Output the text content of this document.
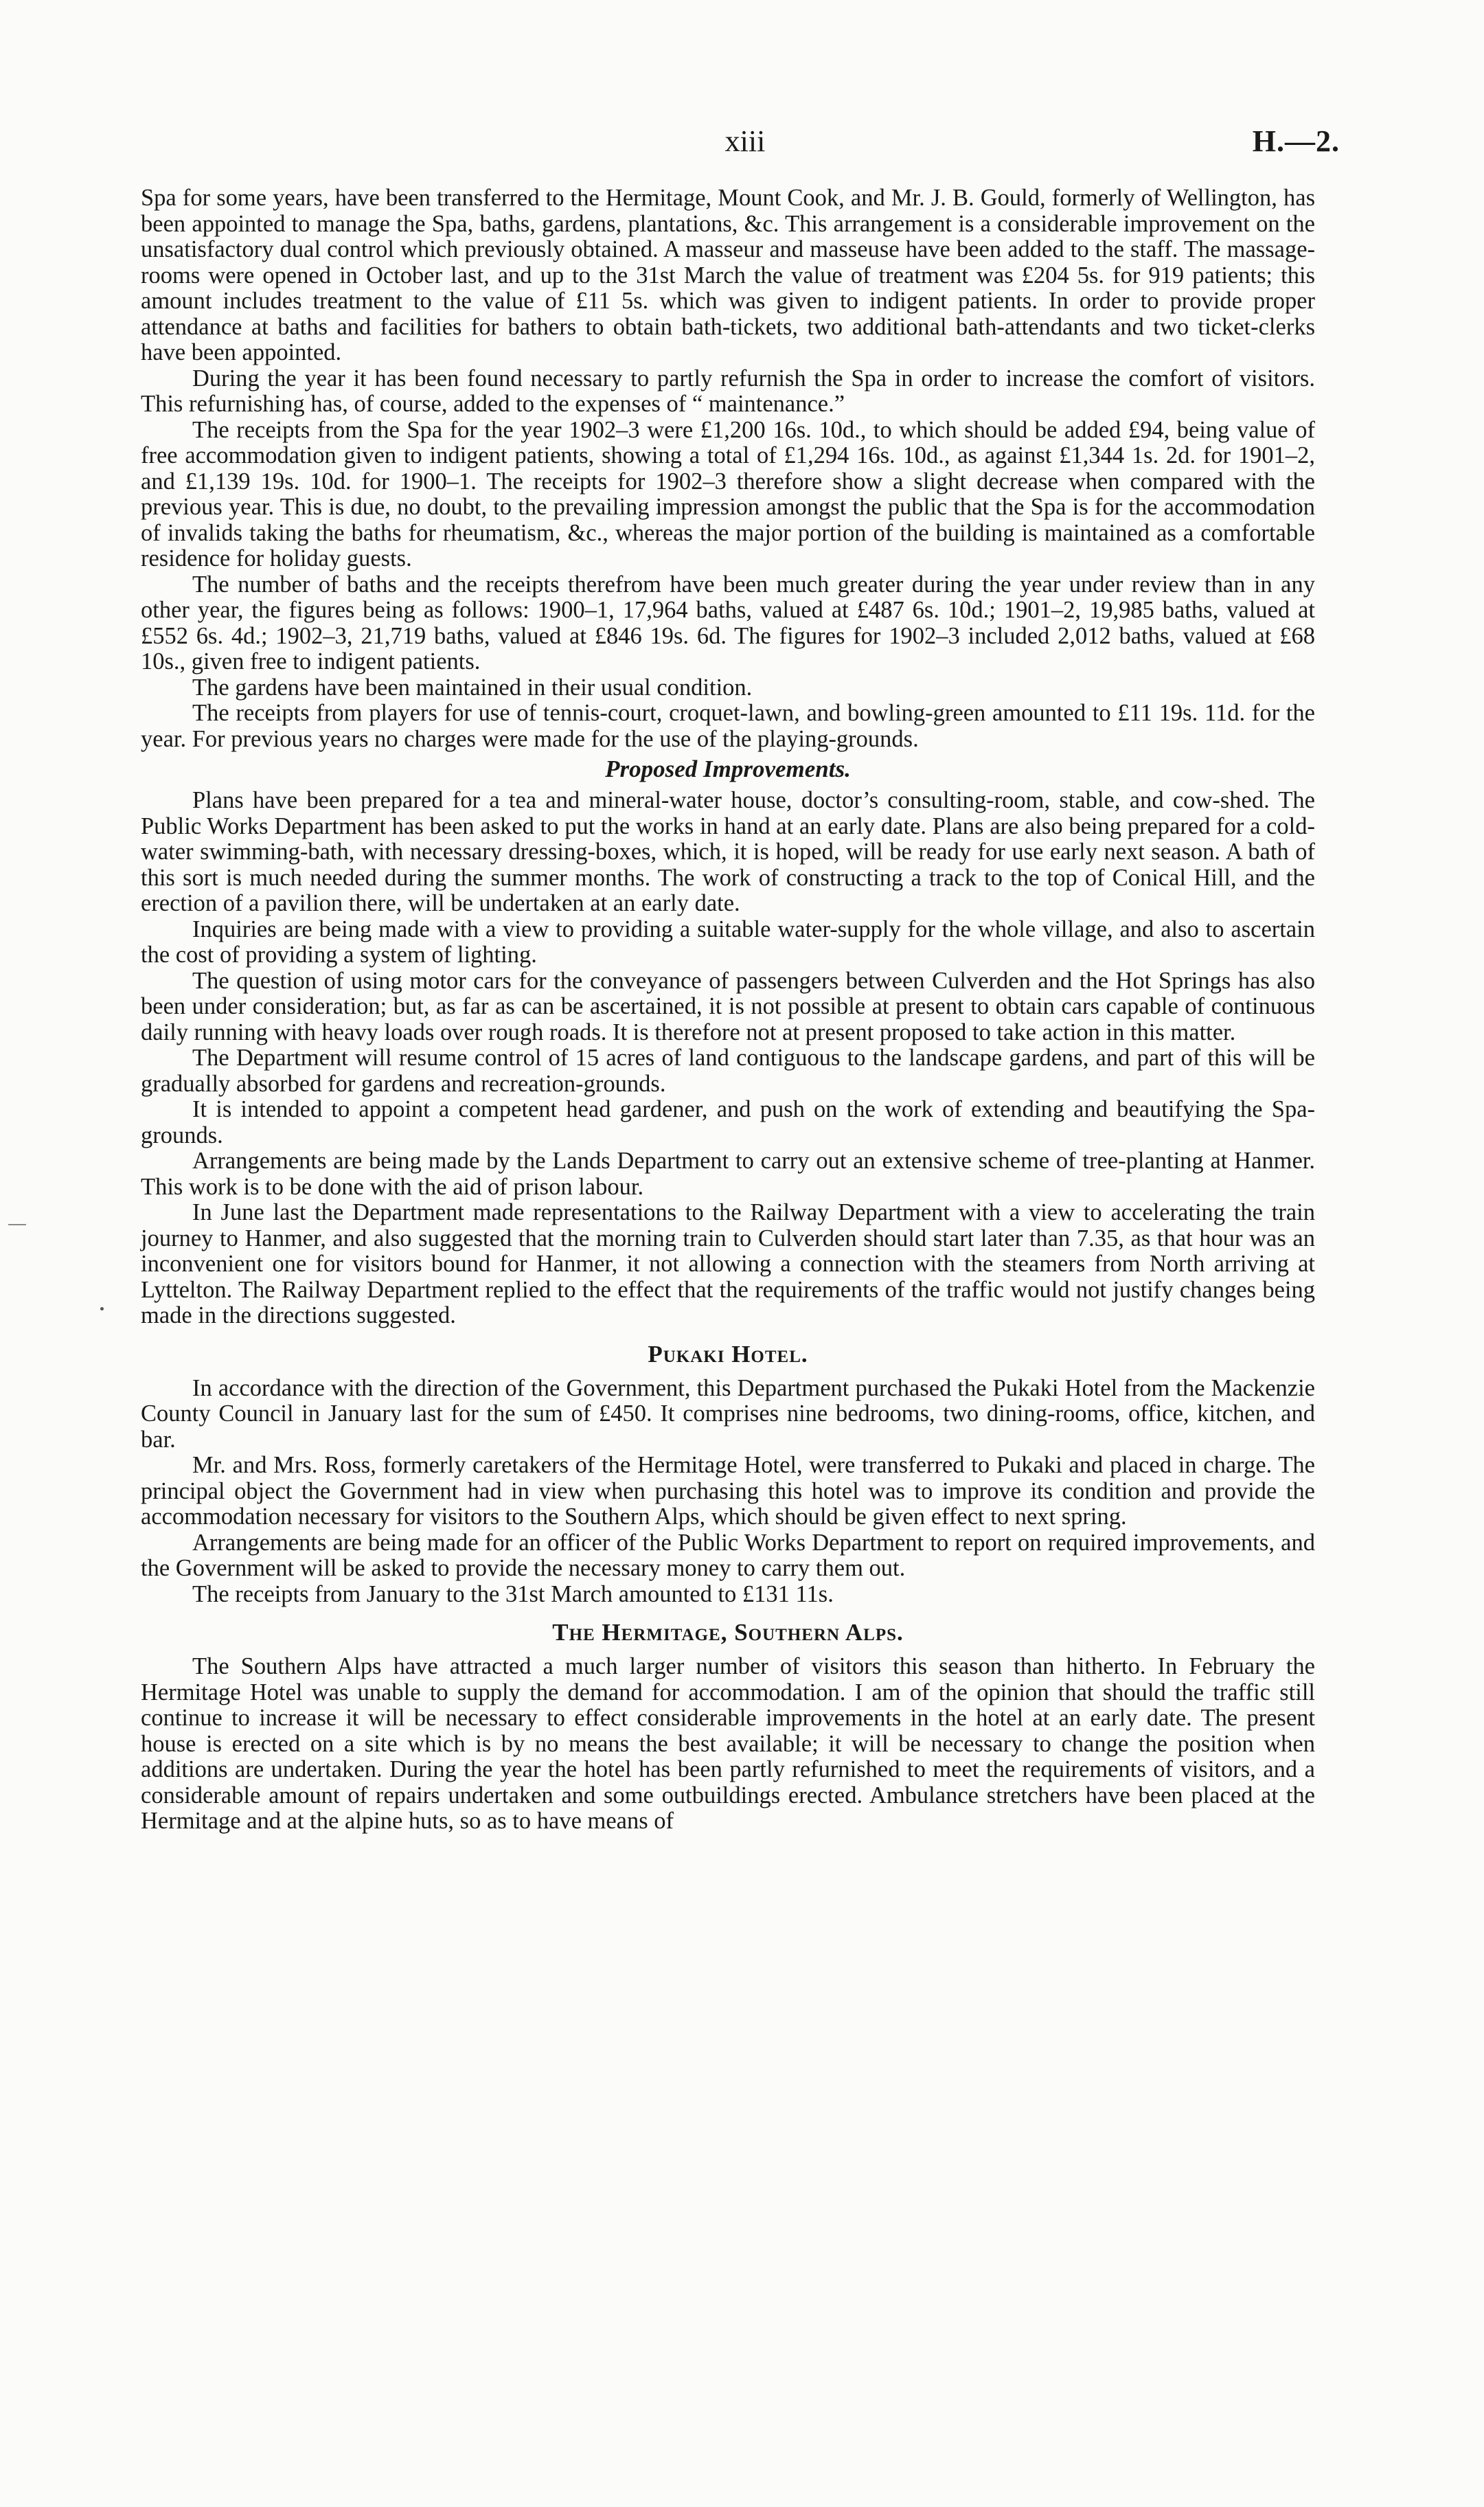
xiii	H.—2.

Spa for some years, have been transferred to the Hermitage, Mount Cook, and Mr. J. B. Gould, formerly of Wellington, has been appointed to manage the Spa, baths, gardens, plantations, &c. This arrangement is a considerable improvement on the unsatisfactory dual control which previously obtained. A masseur and masseuse have been added to the staff. The massage-rooms were opened in October last, and up to the 31st March the value of treatment was £204 5s. for 919 patients; this amount includes treatment to the value of £11 5s. which was given to indigent patients. In order to provide proper attendance at baths and facilities for bathers to obtain bath-tickets, two additional bath-attendants and two ticket-clerks have been appointed.

During the year it has been found necessary to partly refurnish the Spa in order to increase the comfort of visitors. This refurnishing has, of course, added to the expenses of “ maintenance.”

The receipts from the Spa for the year 1902–3 were £1,200 16s. 10d., to which should be added £94, being value of free accommodation given to indigent patients, showing a total of £1,294 16s. 10d., as against £1,344 1s. 2d. for 1901–2, and £1,139 19s. 10d. for 1900–1. The receipts for 1902–3 therefore show a slight decrease when compared with the previous year. This is due, no doubt, to the prevailing impression amongst the public that the Spa is for the accommodation of invalids taking the baths for rheumatism, &c., whereas the major portion of the building is maintained as a comfortable residence for holiday guests.

The number of baths and the receipts therefrom have been much greater during the year under review than in any other year, the figures being as follows: 1900–1, 17,964 baths, valued at £487 6s. 10d.; 1901–2, 19,985 baths, valued at £552 6s. 4d.; 1902–3, 21,719 baths, valued at £846 19s. 6d. The figures for 1902–3 included 2,012 baths, valued at £68 10s., given free to indigent patients.

The gardens have been maintained in their usual condition.

The receipts from players for use of tennis-court, croquet-lawn, and bowling-green amounted to £11 19s. 11d. for the year. For previous years no charges were made for the use of the playing-grounds.

Proposed Improvements.

Plans have been prepared for a tea and mineral-water house, doctor’s consulting-room, stable, and cow-shed. The Public Works Department has been asked to put the works in hand at an early date. Plans are also being prepared for a cold-water swimming-bath, with necessary dressing-boxes, which, it is hoped, will be ready for use early next season. A bath of this sort is much needed during the summer months. The work of constructing a track to the top of Conical Hill, and the erection of a pavilion there, will be undertaken at an early date.

Inquiries are being made with a view to providing a suitable water-supply for the whole village, and also to ascertain the cost of providing a system of lighting.

The question of using motor cars for the conveyance of passengers between Culverden and the Hot Springs has also been under consideration; but, as far as can be ascertained, it is not possible at present to obtain cars capable of continuous daily running with heavy loads over rough roads. It is therefore not at present proposed to take action in this matter.

The Department will resume control of 15 acres of land contiguous to the landscape gardens, and part of this will be gradually absorbed for gardens and recreation-grounds.

It is intended to appoint a competent head gardener, and push on the work of extending and beautifying the Spa-grounds.

Arrangements are being made by the Lands Department to carry out an extensive scheme of tree-planting at Hanmer. This work is to be done with the aid of prison labour.

In June last the Department made representations to the Railway Department with a view to accelerating the train journey to Hanmer, and also suggested that the morning train to Culverden should start later than 7.35, as that hour was an inconvenient one for visitors bound for Hanmer, it not allowing a connection with the steamers from North arriving at Lyttelton. The Railway Department replied to the effect that the requirements of the traffic would not justify changes being made in the directions suggested.

Pukaki Hotel.

In accordance with the direction of the Government, this Department purchased the Pukaki Hotel from the Mackenzie County Council in January last for the sum of £450. It comprises nine bedrooms, two dining-rooms, office, kitchen, and bar.

Mr. and Mrs. Ross, formerly caretakers of the Hermitage Hotel, were transferred to Pukaki and placed in charge. The principal object the Government had in view when purchasing this hotel was to improve its condition and provide the accommodation necessary for visitors to the Southern Alps, which should be given effect to next spring.

Arrangements are being made for an officer of the Public Works Department to report on required improvements, and the Government will be asked to provide the necessary money to carry them out.

The receipts from January to the 31st March amounted to £131 11s.

The Hermitage, Southern Alps.

The Southern Alps have attracted a much larger number of visitors this season than hitherto. In February the Hermitage Hotel was unable to supply the demand for accommodation. I am of the opinion that should the traffic still continue to increase it will be necessary to effect considerable improvements in the hotel at an early date. The present house is erected on a site which is by no means the best available; it will be necessary to change the position when additions are undertaken. During the year the hotel has been partly refurnished to meet the requirements of visitors, and a considerable amount of repairs undertaken and some outbuildings erected. Ambulance stretchers have been placed at the Hermitage and at the alpine huts, so as to have means of
